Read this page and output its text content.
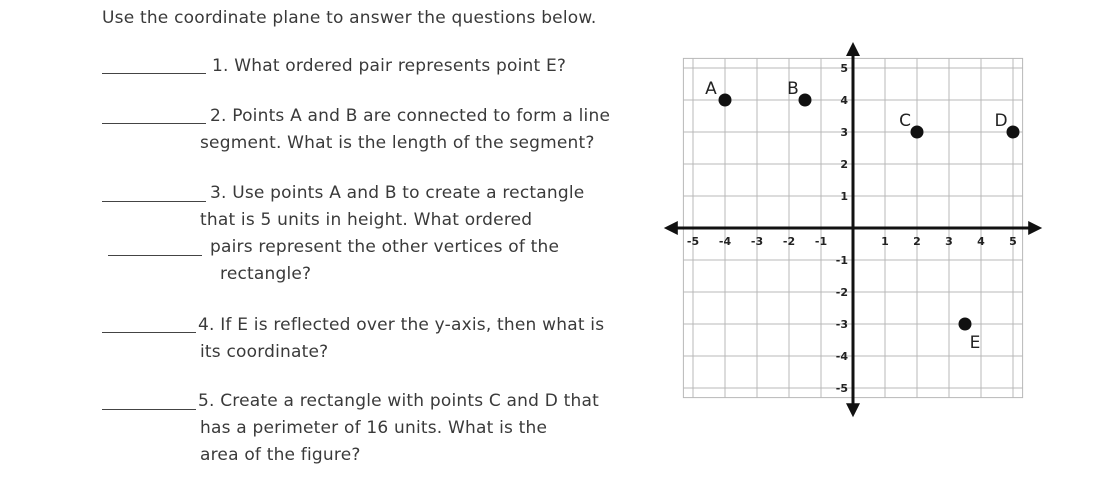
Use the coordinate plane to answer the questions below.
1. What ordered pair represents point E?
2. Points A and B are connected to form a line
segment. What is the length of the segment?
3. Use points A and B to create a rectangle
that is 5 units in height. What ordered
pairs represent the other vertices of the
rectangle?
4. If E is reflected over the y-axis, then what is
its coordinate?
5. Create a rectangle with points C and D that
has a perimeter of 16 units. What is the
area of the figure?
-5 -4 -3 -2 -1	1 2 3 4 5
5
4
3
2
1
-1
-2
-3
-4
-5
A	B
C	D
E
